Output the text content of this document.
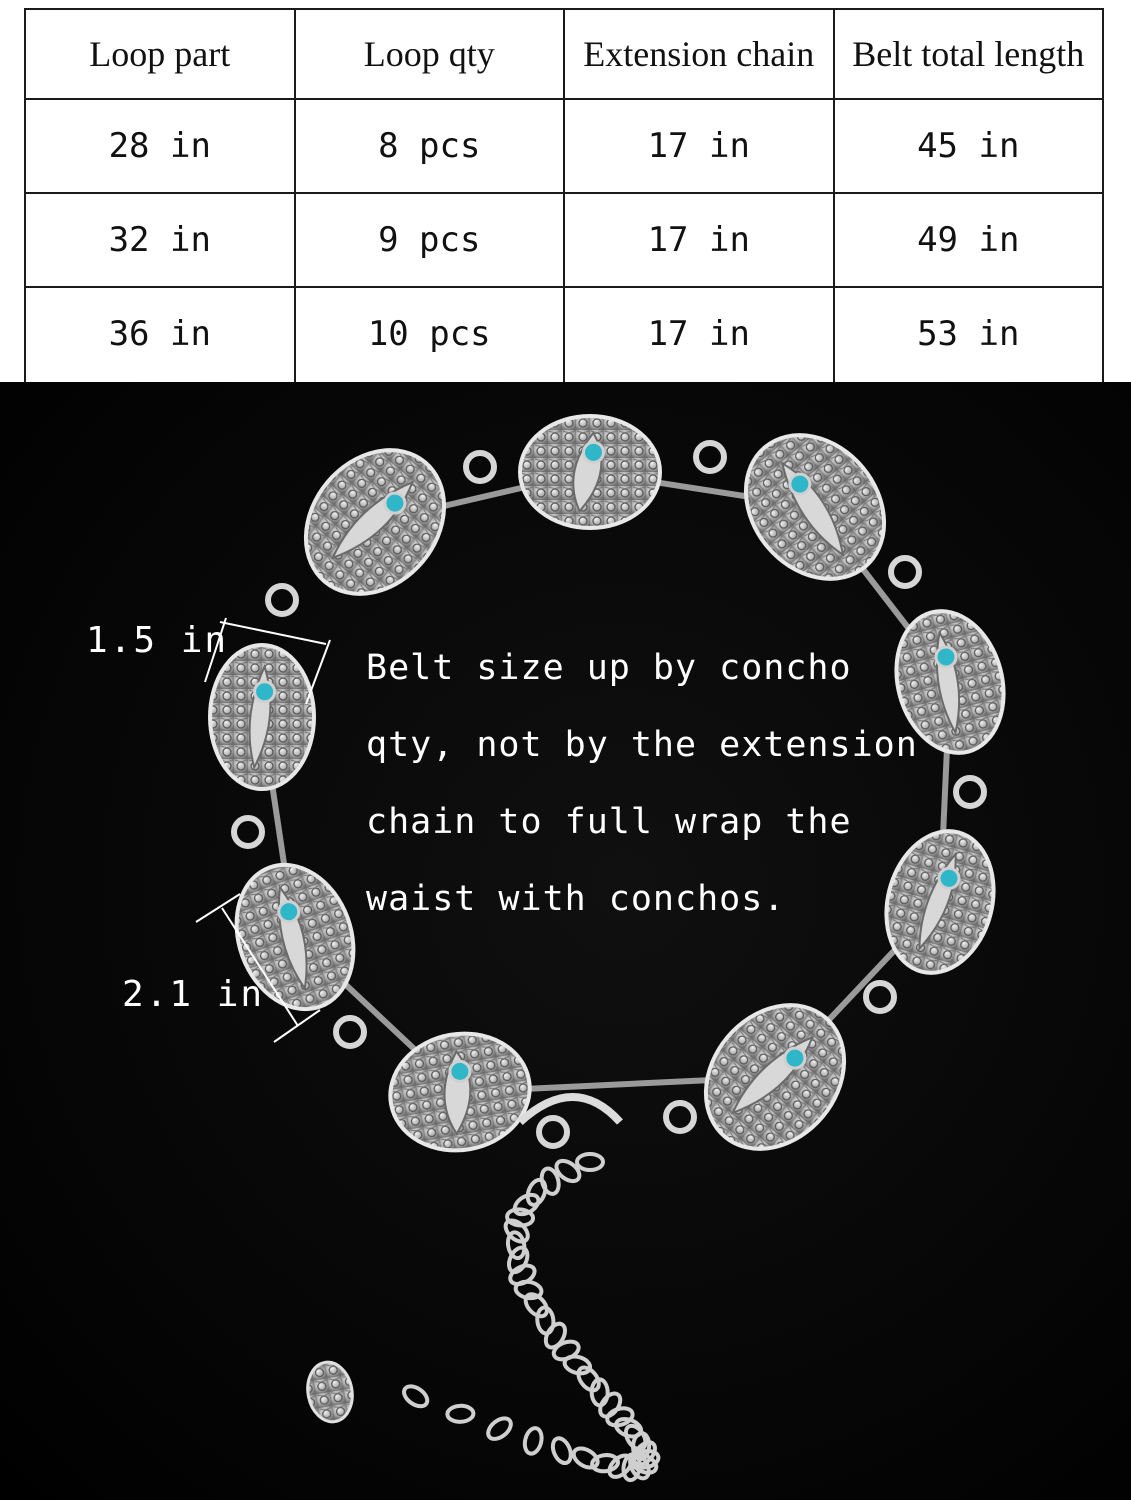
Loop part	Loop qty	Extension chain	Belt total length
28 in	8 pcs	17 in	45 in
32 in	9 pcs	17 in	49 in
36 in	10 pcs	17 in	53 in
1.5 in
2.1 in
Belt size up by concho
qty, not by the extension
chain to full wrap the
waist with conchos.
